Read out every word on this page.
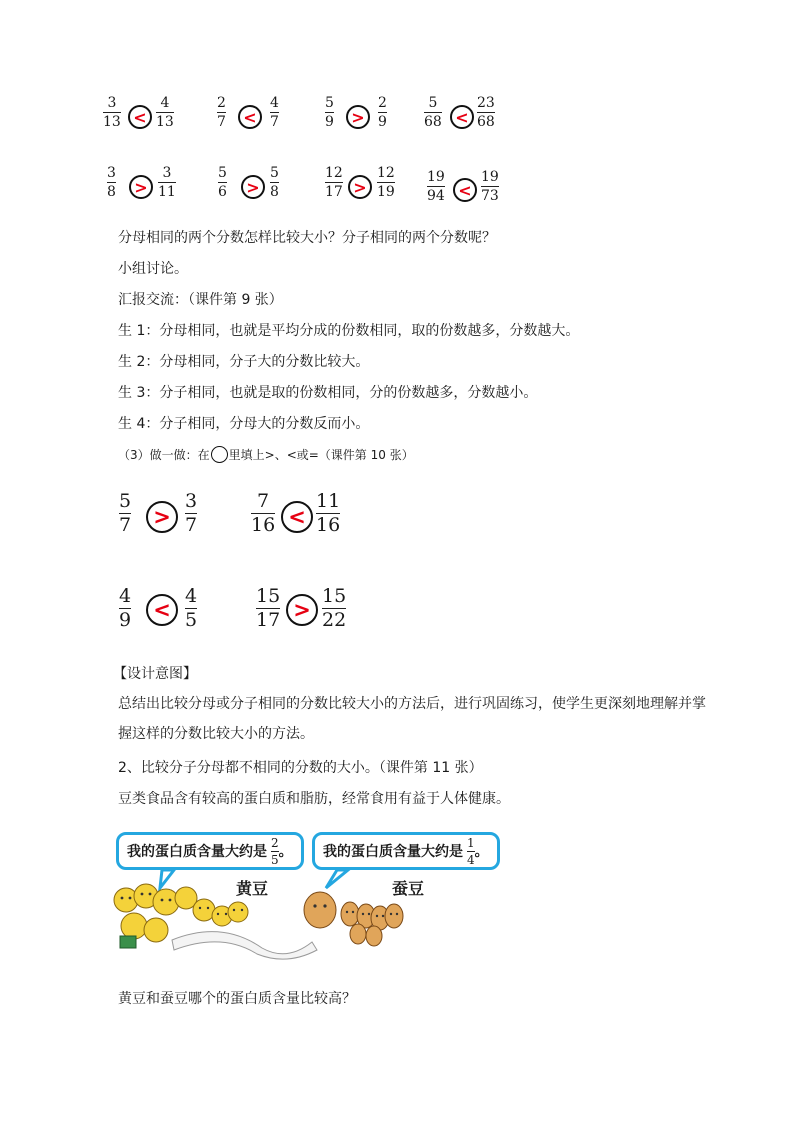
3
13 <
4
13
2
7	<
4
7
5
9	>
2
9
5
68 <
23
68
3
8	>
3
11
5
6	>
5
8
12
17 >
12
19
19
94 <
19
73
分母相同的两个分数怎样比较大小？分子相同的两个分数呢？
小组讨论。
汇报交流：（课件第 9 张）
生 1：分母相同，也就是平均分成的份数相同，取的份数越多，分数越大。
生 2：分母相同，分子大的分数比较大。
生 3：分子相同，也就是取的份数相同，分的份数越多，分数越小。
生 4：分子相同，分母大的分数反而小。
（3）做一做：在 里填上>、<或=（课件第 10 张）
5
7	>
3
7
7
16 <
11
16
4
9	<
4
5
15
17 >
15
22
【设计意图】
总结出比较分母或分子相同的分数比较大小的方法后，进行巩固练习，使学生更深刻地理解并掌握这样的分数比较大小的方法。
2、比较分子分母都不相同的分数的大小。（课件第 11 张）
豆类食品含有较高的蛋白质和脂肪，经常食用有益于人体健康。
我的蛋白质含量大约是 $\frac{2}{5}$ 。 我的蛋白质含量大约是 $\frac{1}{4}$ 。
黄豆	蚕豆
黄豆和蚕豆哪个的蛋白质含量比较高？
